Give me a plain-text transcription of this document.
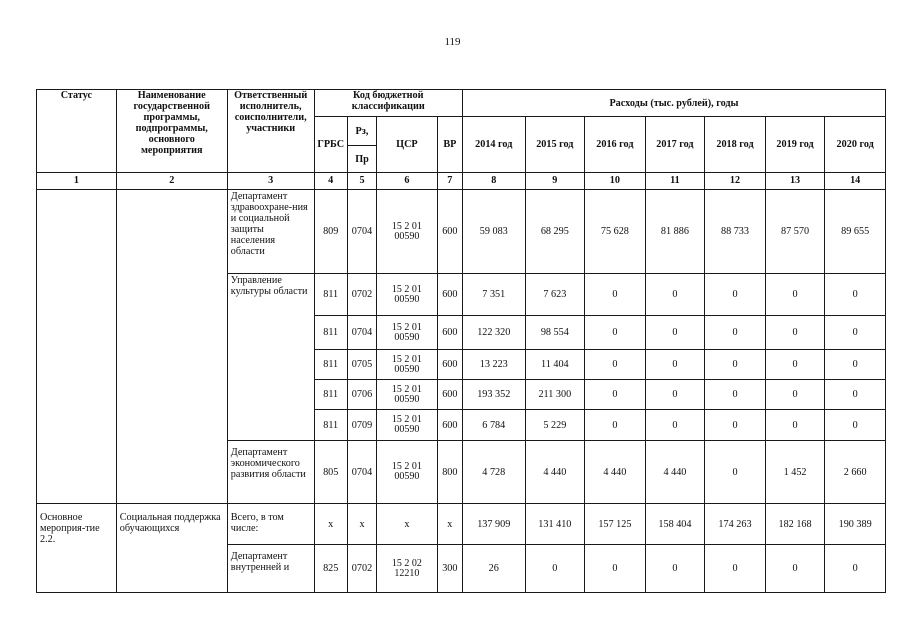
119
Статус	Наименование государственной программы, подпрограммы, основного мероприятия	Ответственный исполнитель, соисполнители, участники	Код бюджетной классификации				Расходы (тыс. рублей), годы						
			ГРБС	Рз,	ЦСР	ВР	2014 год	2015 год	2016 год	2017 год	2018 год	2019 год	2020 год
				Пр									
1	2	3	4	5	6	7	8	9	10	11	12	13	14
		Департамент здравоохране-ния и социальной защиты населения области	809	0704	15 2 01 00590	600	59 083	68 295	75 628	81 886	88 733	87 570	89 655
		Управление культуры области	811	0702	15 2 01 00590	600	7 351	7 623	0	0	0	0	0
			811	0704	15 2 01 00590	600	122 320	98 554	0	0	0	0	0
			811	0705	15 2 01 00590	600	13 223	11 404	0	0	0	0	0
			811	0706	15 2 01 00590	600	193 352	211 300	0	0	0	0	0
			811	0709	15 2 01 00590	600	6 784	5 229	0	0	0	0	0
		Департамент экономического развития области	805	0704	15 2 01 00590	800	4 728	4 440	4 440	4 440	0	1 452	2 660
Основное мероприя-тие 2.2.	Социальная поддержка обучающихся	Всего, в том числе:	х	х	х	х	137 909	131 410	157 125	158 404	174 263	182 168	190 389
		Департамент внутренней и	825	0702	15 2 02 12210	300	26	0	0	0	0	0	0
